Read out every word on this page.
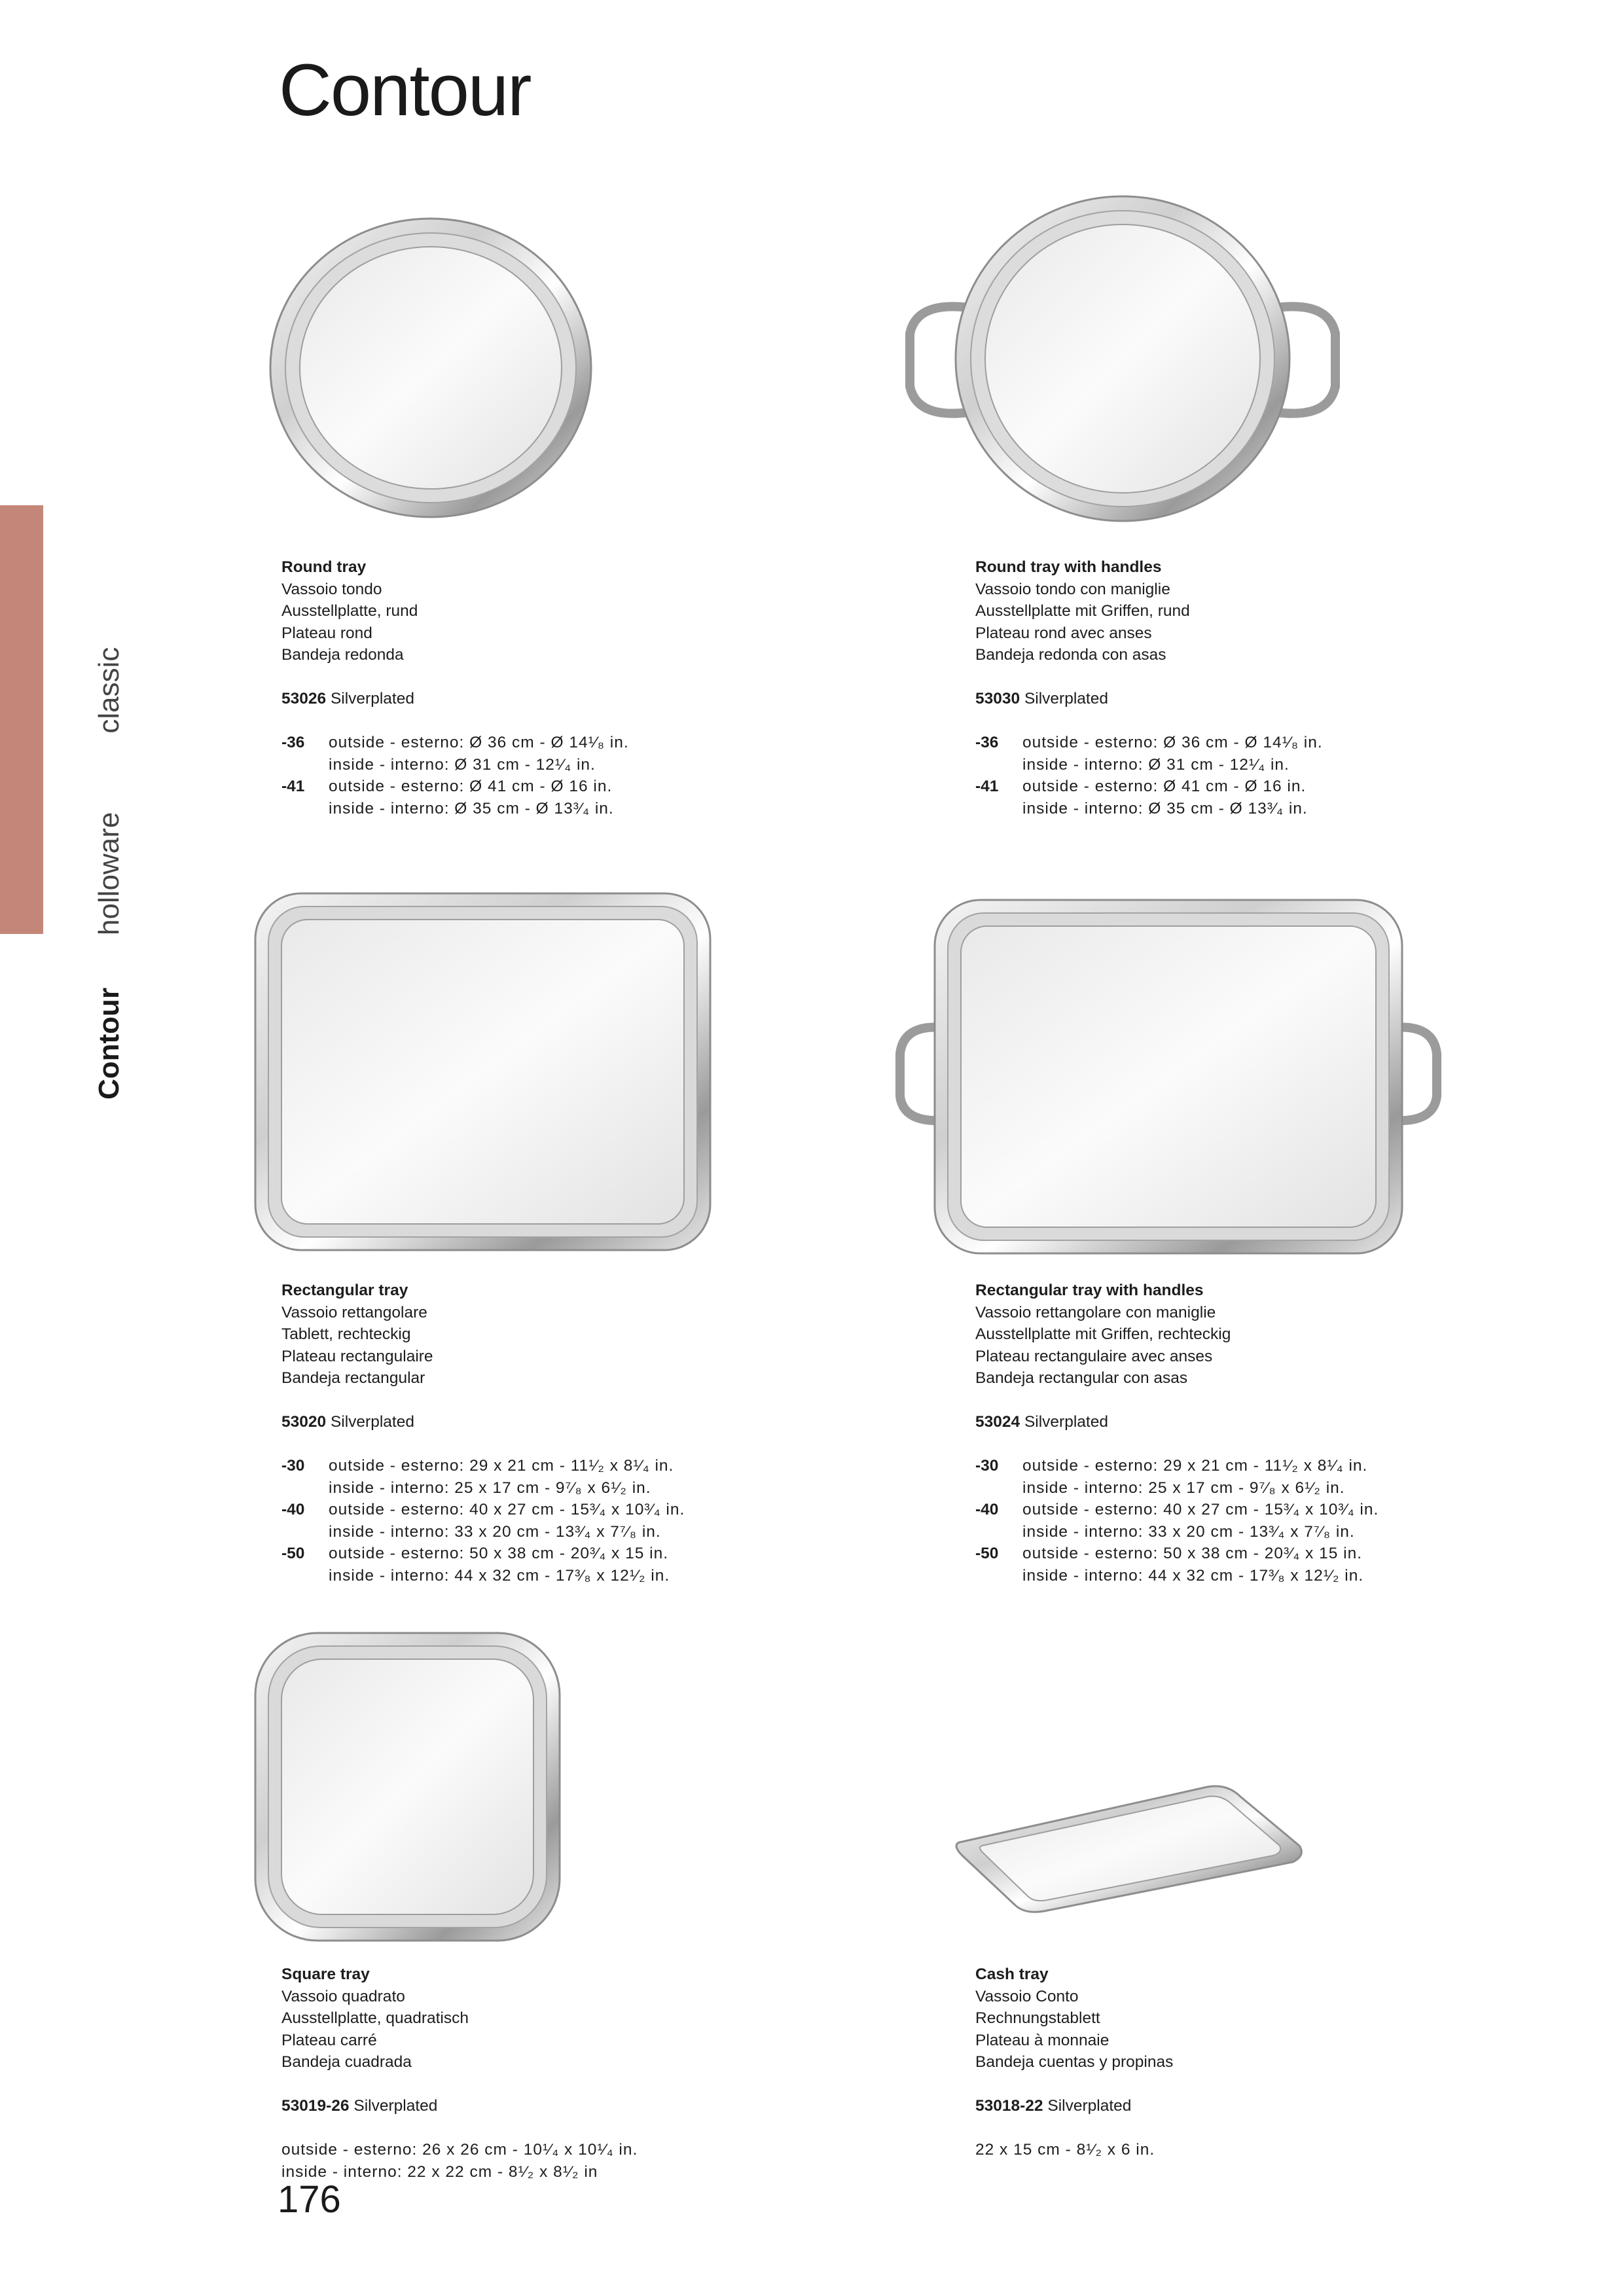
Contour
Contourhollowareclassic
Round tray
Vassoio tondo
Ausstellplatte, rund
Plateau rond
Bandeja redonda
53026 Silverplated
-36	outside - esterno: Ø 36 cm - Ø 14¹⁄₈ in.
inside - interno: Ø 31 cm - 12¹⁄₄ in.
-41	outside - esterno: Ø 41 cm - Ø 16 in.
inside - interno: Ø 35 cm - Ø 13³⁄₄ in.
Round tray with handles
Vassoio tondo con maniglie
Ausstellplatte mit Griffen, rund
Plateau rond avec anses
Bandeja redonda con asas
53030 Silverplated
-36	outside - esterno: Ø 36 cm - Ø 14¹⁄₈ in.
inside - interno: Ø 31 cm - 12¹⁄₄ in.
-41	outside - esterno: Ø 41 cm - Ø 16 in.
inside - interno: Ø 35 cm - Ø 13³⁄₄ in.
Rectangular tray
Vassoio rettangolare
Tablett, rechteckig
Plateau rectangulaire
Bandeja rectangular
53020 Silverplated
-30	outside - esterno: 29 x 21 cm - 11¹⁄₂ x 8¹⁄₄ in.
inside - interno: 25 x 17 cm - 9⁷⁄₈ x 6¹⁄₂ in.
-40	outside - esterno: 40 x 27 cm - 15³⁄₄ x 10³⁄₄ in.
inside - interno: 33 x 20 cm - 13³⁄₄ x 7⁷⁄₈ in.
-50	outside - esterno: 50 x 38 cm - 20³⁄₄ x 15 in.
inside - interno: 44 x 32 cm - 17³⁄₈ x 12¹⁄₂ in.
Rectangular tray with handles
Vassoio rettangolare con maniglie
Ausstellplatte mit Griffen, rechteckig
Plateau rectangulaire avec anses
Bandeja rectangular con asas
53024 Silverplated
-30	outside - esterno: 29 x 21 cm - 11¹⁄₂ x 8¹⁄₄ in.
inside - interno: 25 x 17 cm - 9⁷⁄₈ x 6¹⁄₂ in.
-40	outside - esterno: 40 x 27 cm - 15³⁄₄ x 10³⁄₄ in.
inside - interno: 33 x 20 cm - 13³⁄₄ x 7⁷⁄₈ in.
-50	outside - esterno: 50 x 38 cm - 20³⁄₄ x 15 in.
inside - interno: 44 x 32 cm - 17³⁄₈ x 12¹⁄₂ in.
Square tray
Vassoio quadrato
Ausstellplatte, quadratisch
Plateau carré
Bandeja cuadrada
53019-26 Silverplated
outside - esterno: 26 x 26 cm - 10¹⁄₄ x 10¹⁄₄ in.
inside - interno: 22 x 22 cm - 8¹⁄₂ x 8¹⁄₂ in
Cash tray
Vassoio Conto
Rechnungstablett
Plateau à monnaie
Bandeja cuentas y propinas
53018-22 Silverplated
22 x 15 cm - 8¹⁄₂ x 6 in.
176
